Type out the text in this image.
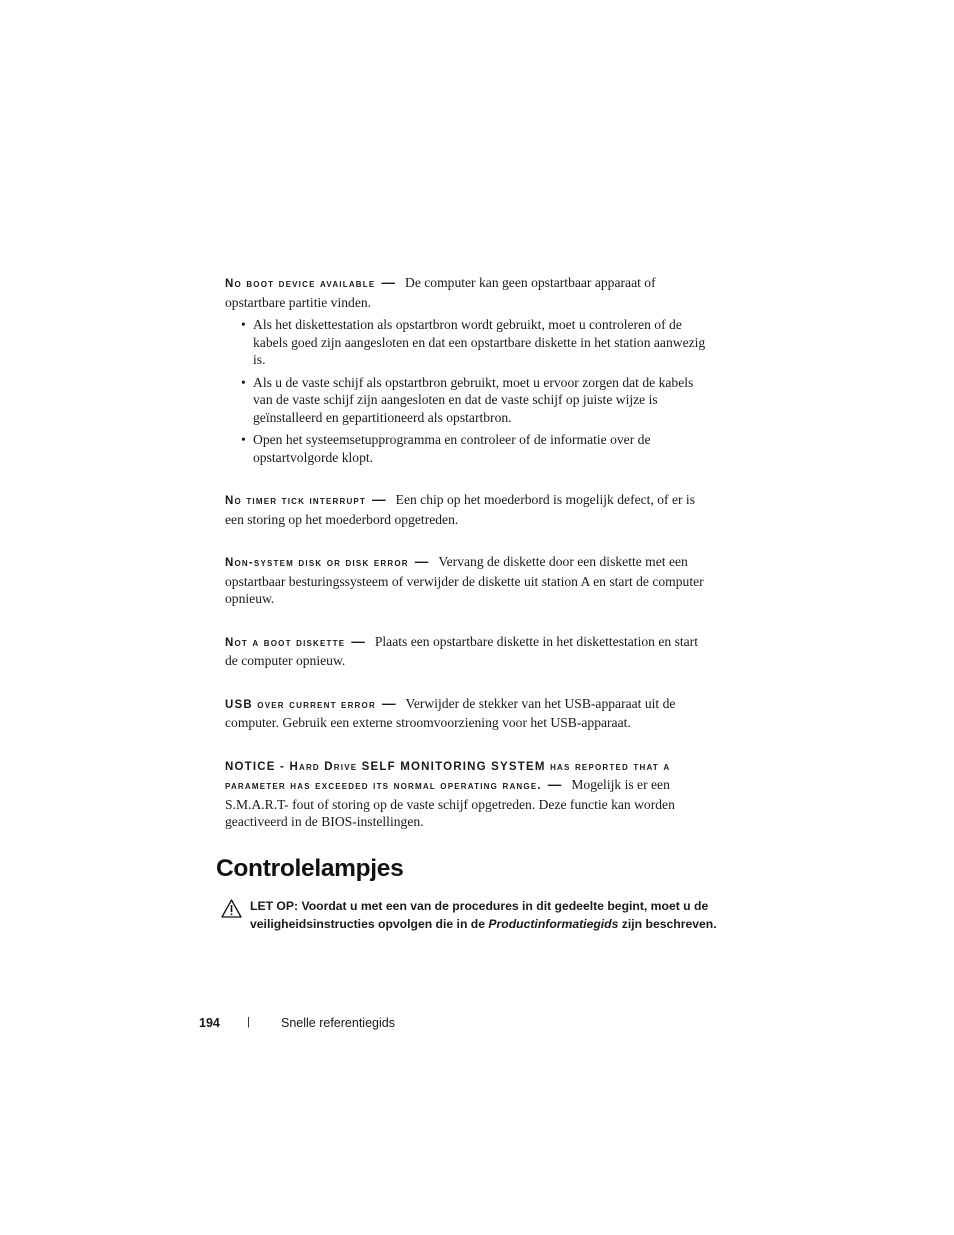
No boot device available — De computer kan geen opstartbaar apparaat of opstartbare partitie vinden.

• Als het diskettestation als opstartbron wordt gebruikt, moet u controleren of de kabels goed zijn aangesloten en dat een opstartbare diskette in het station aanwezig is.
• Als u de vaste schijf als opstartbron gebruikt, moet u ervoor zorgen dat de kabels van de vaste schijf zijn aangesloten en dat de vaste schijf op juiste wijze is geïnstalleerd en gepartitioneerd als opstartbron.
• Open het systeemsetupprogramma en controleer of de informatie over de opstartvolgorde klopt.

No timer tick interrupt — Een chip op het moederbord is mogelijk defect, of er is een storing op het moederbord opgetreden.

Non-system disk or disk error — Vervang de diskette door een diskette met een opstartbaar besturingssysteem of verwijder de diskette uit station A en start de computer opnieuw.

Not a boot diskette — Plaats een opstartbare diskette in het diskettestation en start de computer opnieuw.

USB over current error — Verwijder de stekker van het USB-apparaat uit de computer. Gebruik een externe stroomvoorziening voor het USB-apparaat.

NOTICE - Hard Drive SELF MONITORING SYSTEM has reported that a parameter has exceeded its normal operating range. — Mogelijk is er een S.M.A.R.T- fout of storing op de vaste schijf opgetreden. Deze functie kan worden geactiveerd in de BIOS-instellingen.

Controlelampjes
LET OP: Voordat u met een van de procedures in dit gedeelte begint, moet u de veiligheidsinstructies opvolgen die in de Productinformatiegids zijn beschreven.
194 | Snelle referentiegids
